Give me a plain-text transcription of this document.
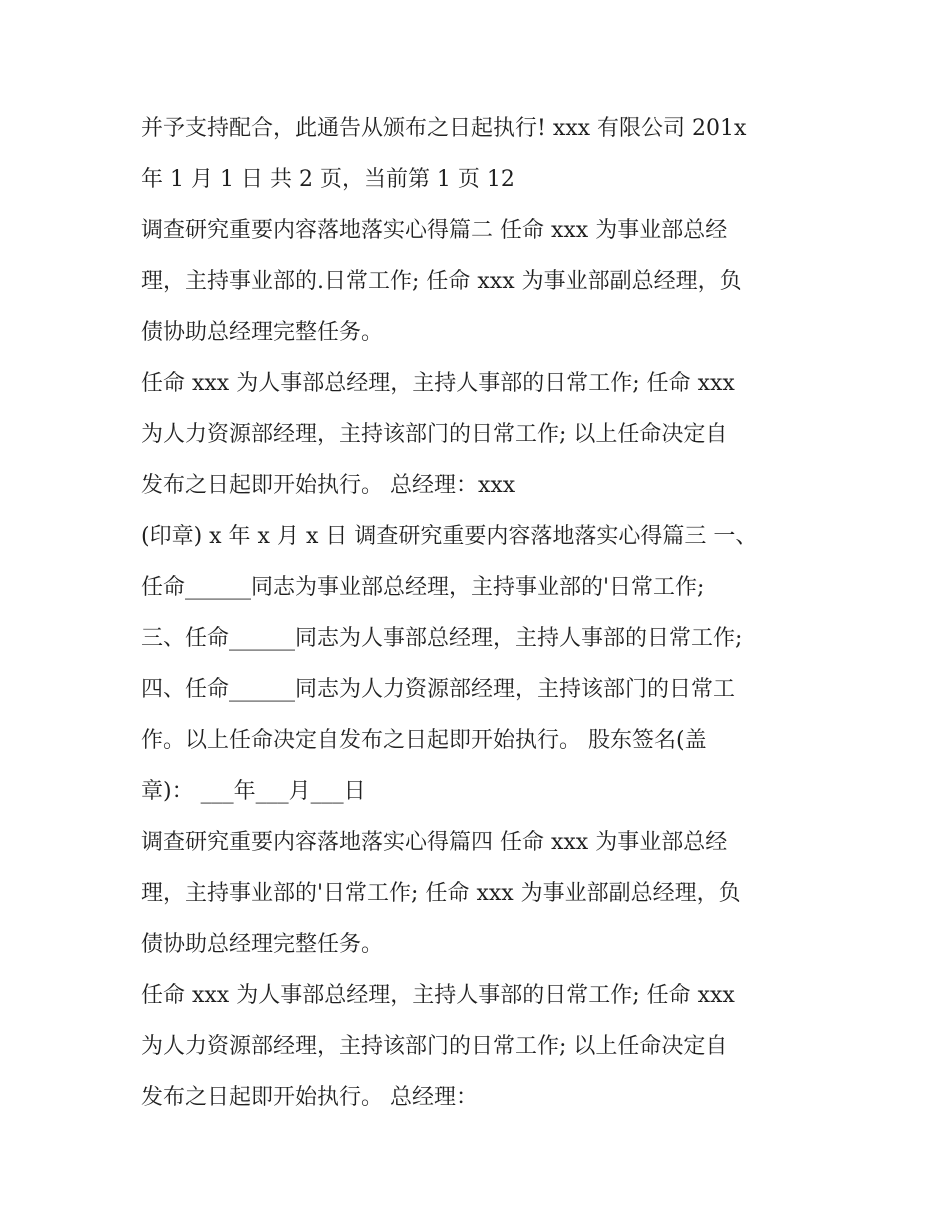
并予支持配合，此通告从颁布之日起执行! xxx 有限公司 201x
年 1 月 1 日 共 2 页，当前第 1 页 12
调查研究重要内容落地落实心得篇二 任命 xxx 为事业部总经
理，主持事业部的.日常工作; 任命 xxx 为事业部副总经理，负
债协助总经理完整任务。
任命 xxx 为人事部总经理，主持人事部的日常工作; 任命 xxx
为人力资源部经理，主持该部门的日常工作; 以上任命决定自
发布之日起即开始执行。 总经理：xxx
(印章) x 年 x 月 x 日 调查研究重要内容落地落实心得篇三 一、
任命______同志为事业部总经理，主持事业部的'日常工作;
三、任命______同志为人事部总经理，主持人事部的日常工作;
四、任命______同志为人力资源部经理，主持该部门的日常工
作。以上任命决定自发布之日起即开始执行。 股东签名(盖
章)： ___年___月___日
调查研究重要内容落地落实心得篇四 任命 xxx 为事业部总经
理，主持事业部的'日常工作; 任命 xxx 为事业部副总经理，负
债协助总经理完整任务。
任命 xxx 为人事部总经理，主持人事部的日常工作; 任命 xxx
为人力资源部经理，主持该部门的日常工作; 以上任命决定自
发布之日起即开始执行。 总经理：
